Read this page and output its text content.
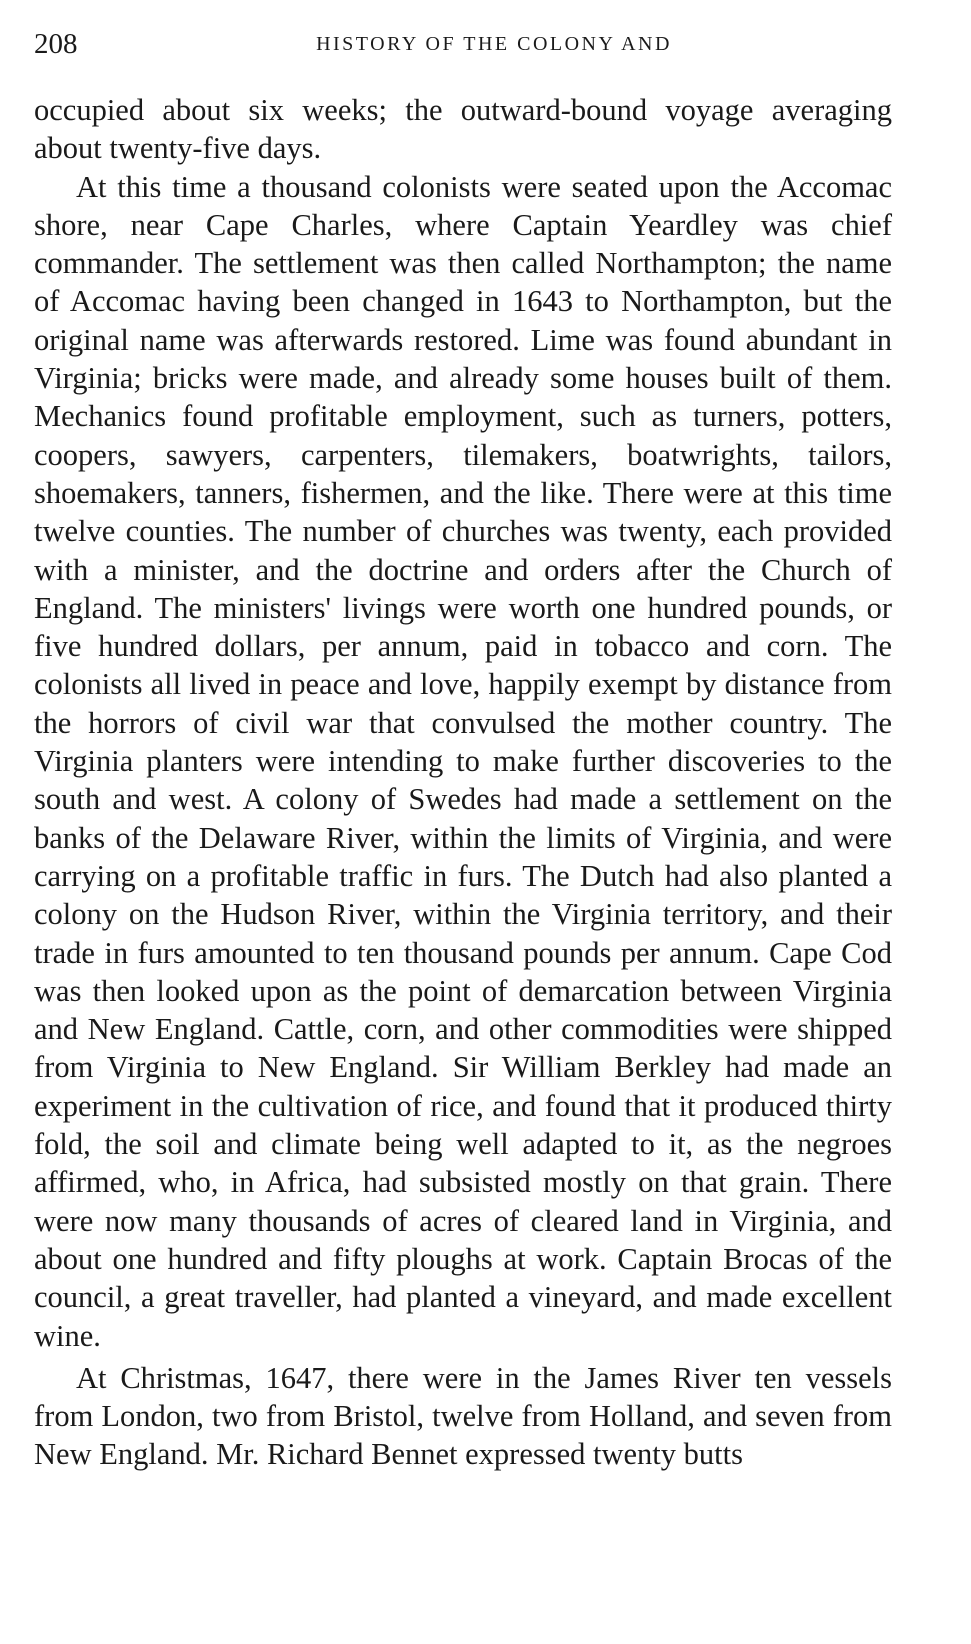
208	HISTORY OF THE COLONY AND

occupied about six weeks; the outward-bound voyage averaging about twenty-five days.

At this time a thousand colonists were seated upon the Accomac shore, near Cape Charles, where Captain Yeardley was chief commander. The settlement was then called Northampton; the name of Accomac having been changed in 1643 to Northampton, but the original name was afterwards restored. Lime was found abundant in Virginia; bricks were made, and already some houses built of them. Mechanics found profitable employment, such as turners, potters, coopers, sawyers, carpenters, tilemakers, boatwrights, tailors, shoemakers, tanners, fishermen, and the like. There were at this time twelve counties. The number of churches was twenty, each provided with a minister, and the doctrine and orders after the Church of England. The ministers' livings were worth one hundred pounds, or five hundred dollars, per annum, paid in tobacco and corn. The colonists all lived in peace and love, happily exempt by distance from the horrors of civil war that convulsed the mother country. The Virginia planters were intending to make further discoveries to the south and west. A colony of Swedes had made a settlement on the banks of the Delaware River, within the limits of Virginia, and were carrying on a profitable traffic in furs. The Dutch had also planted a colony on the Hudson River, within the Virginia territory, and their trade in furs amounted to ten thousand pounds per annum. Cape Cod was then looked upon as the point of demarcation between Virginia and New England. Cattle, corn, and other commodities were shipped from Virginia to New England. Sir William Berkley had made an experiment in the cultivation of rice, and found that it produced thirty fold, the soil and climate being well adapted to it, as the negroes affirmed, who, in Africa, had subsisted mostly on that grain. There were now many thousands of acres of cleared land in Virginia, and about one hundred and fifty ploughs at work. Captain Brocas of the council, a great traveller, had planted a vineyard, and made excellent wine.

At Christmas, 1647, there were in the James River ten vessels from London, two from Bristol, twelve from Holland, and seven from New England. Mr. Richard Bennet expressed twenty butts
